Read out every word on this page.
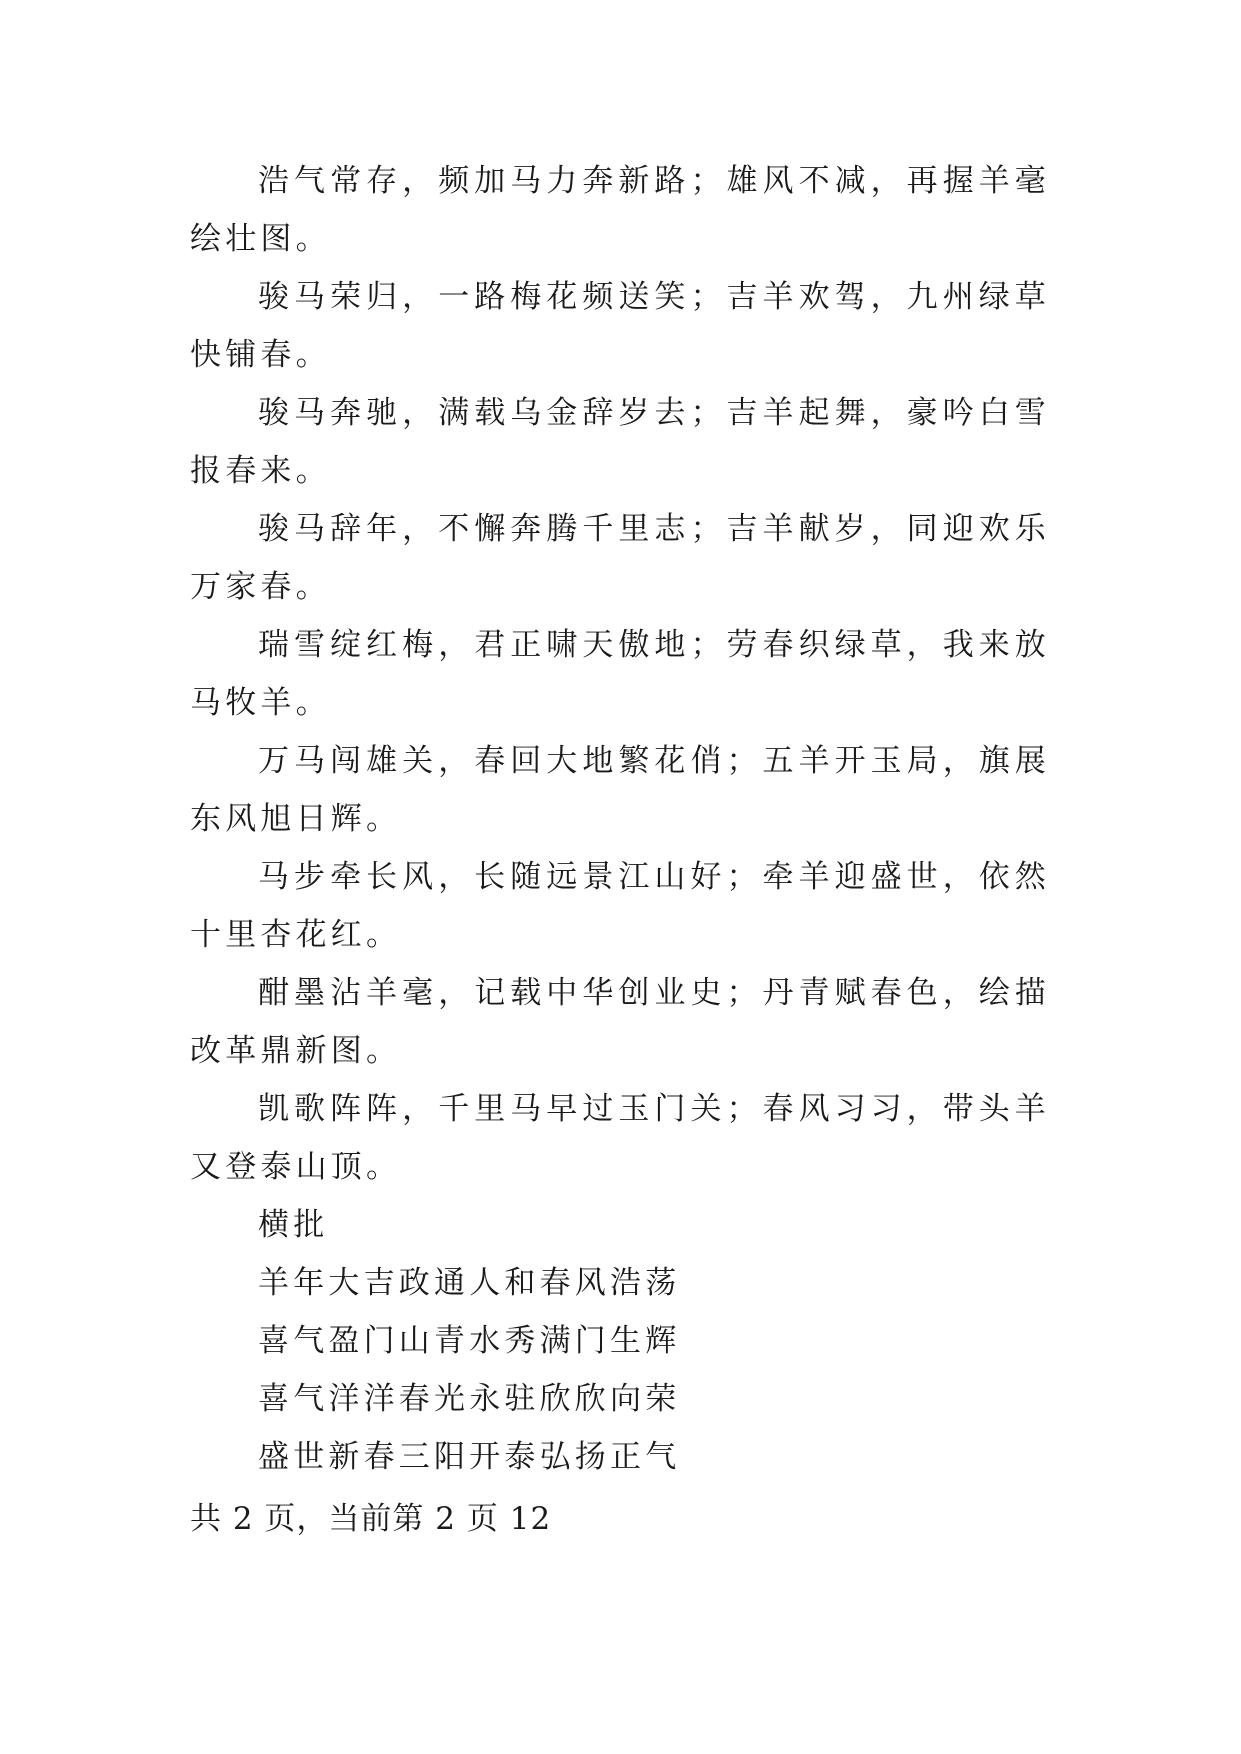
浩气常存，频加马力奔新路；雄风不减，再握羊毫绘壮图。

骏马荣归，一路梅花频送笑；吉羊欢驾，九州绿草快铺春。

骏马奔驰，满载乌金辞岁去；吉羊起舞，豪吟白雪报春来。

骏马辞年，不懈奔腾千里志；吉羊献岁，同迎欢乐万家春。

瑞雪绽红梅，君正啸天傲地；劳春织绿草，我来放马牧羊。

万马闯雄关，春回大地繁花俏；五羊开玉局，旗展东风旭日辉。

马步牵长风，长随远景江山好；牵羊迎盛世，依然十里杏花红。

酣墨沾羊毫，记载中华创业史；丹青赋春色，绘描改革鼎新图。

凯歌阵阵，千里马早过玉门关；春风习习，带头羊又登泰山顶。

横批

羊年大吉政通人和春风浩荡

喜气盈门山青水秀满门生辉

喜气洋洋春光永驻欣欣向荣

盛世新春三阳开泰弘扬正气

共 2 页，当前第 2 页 12
